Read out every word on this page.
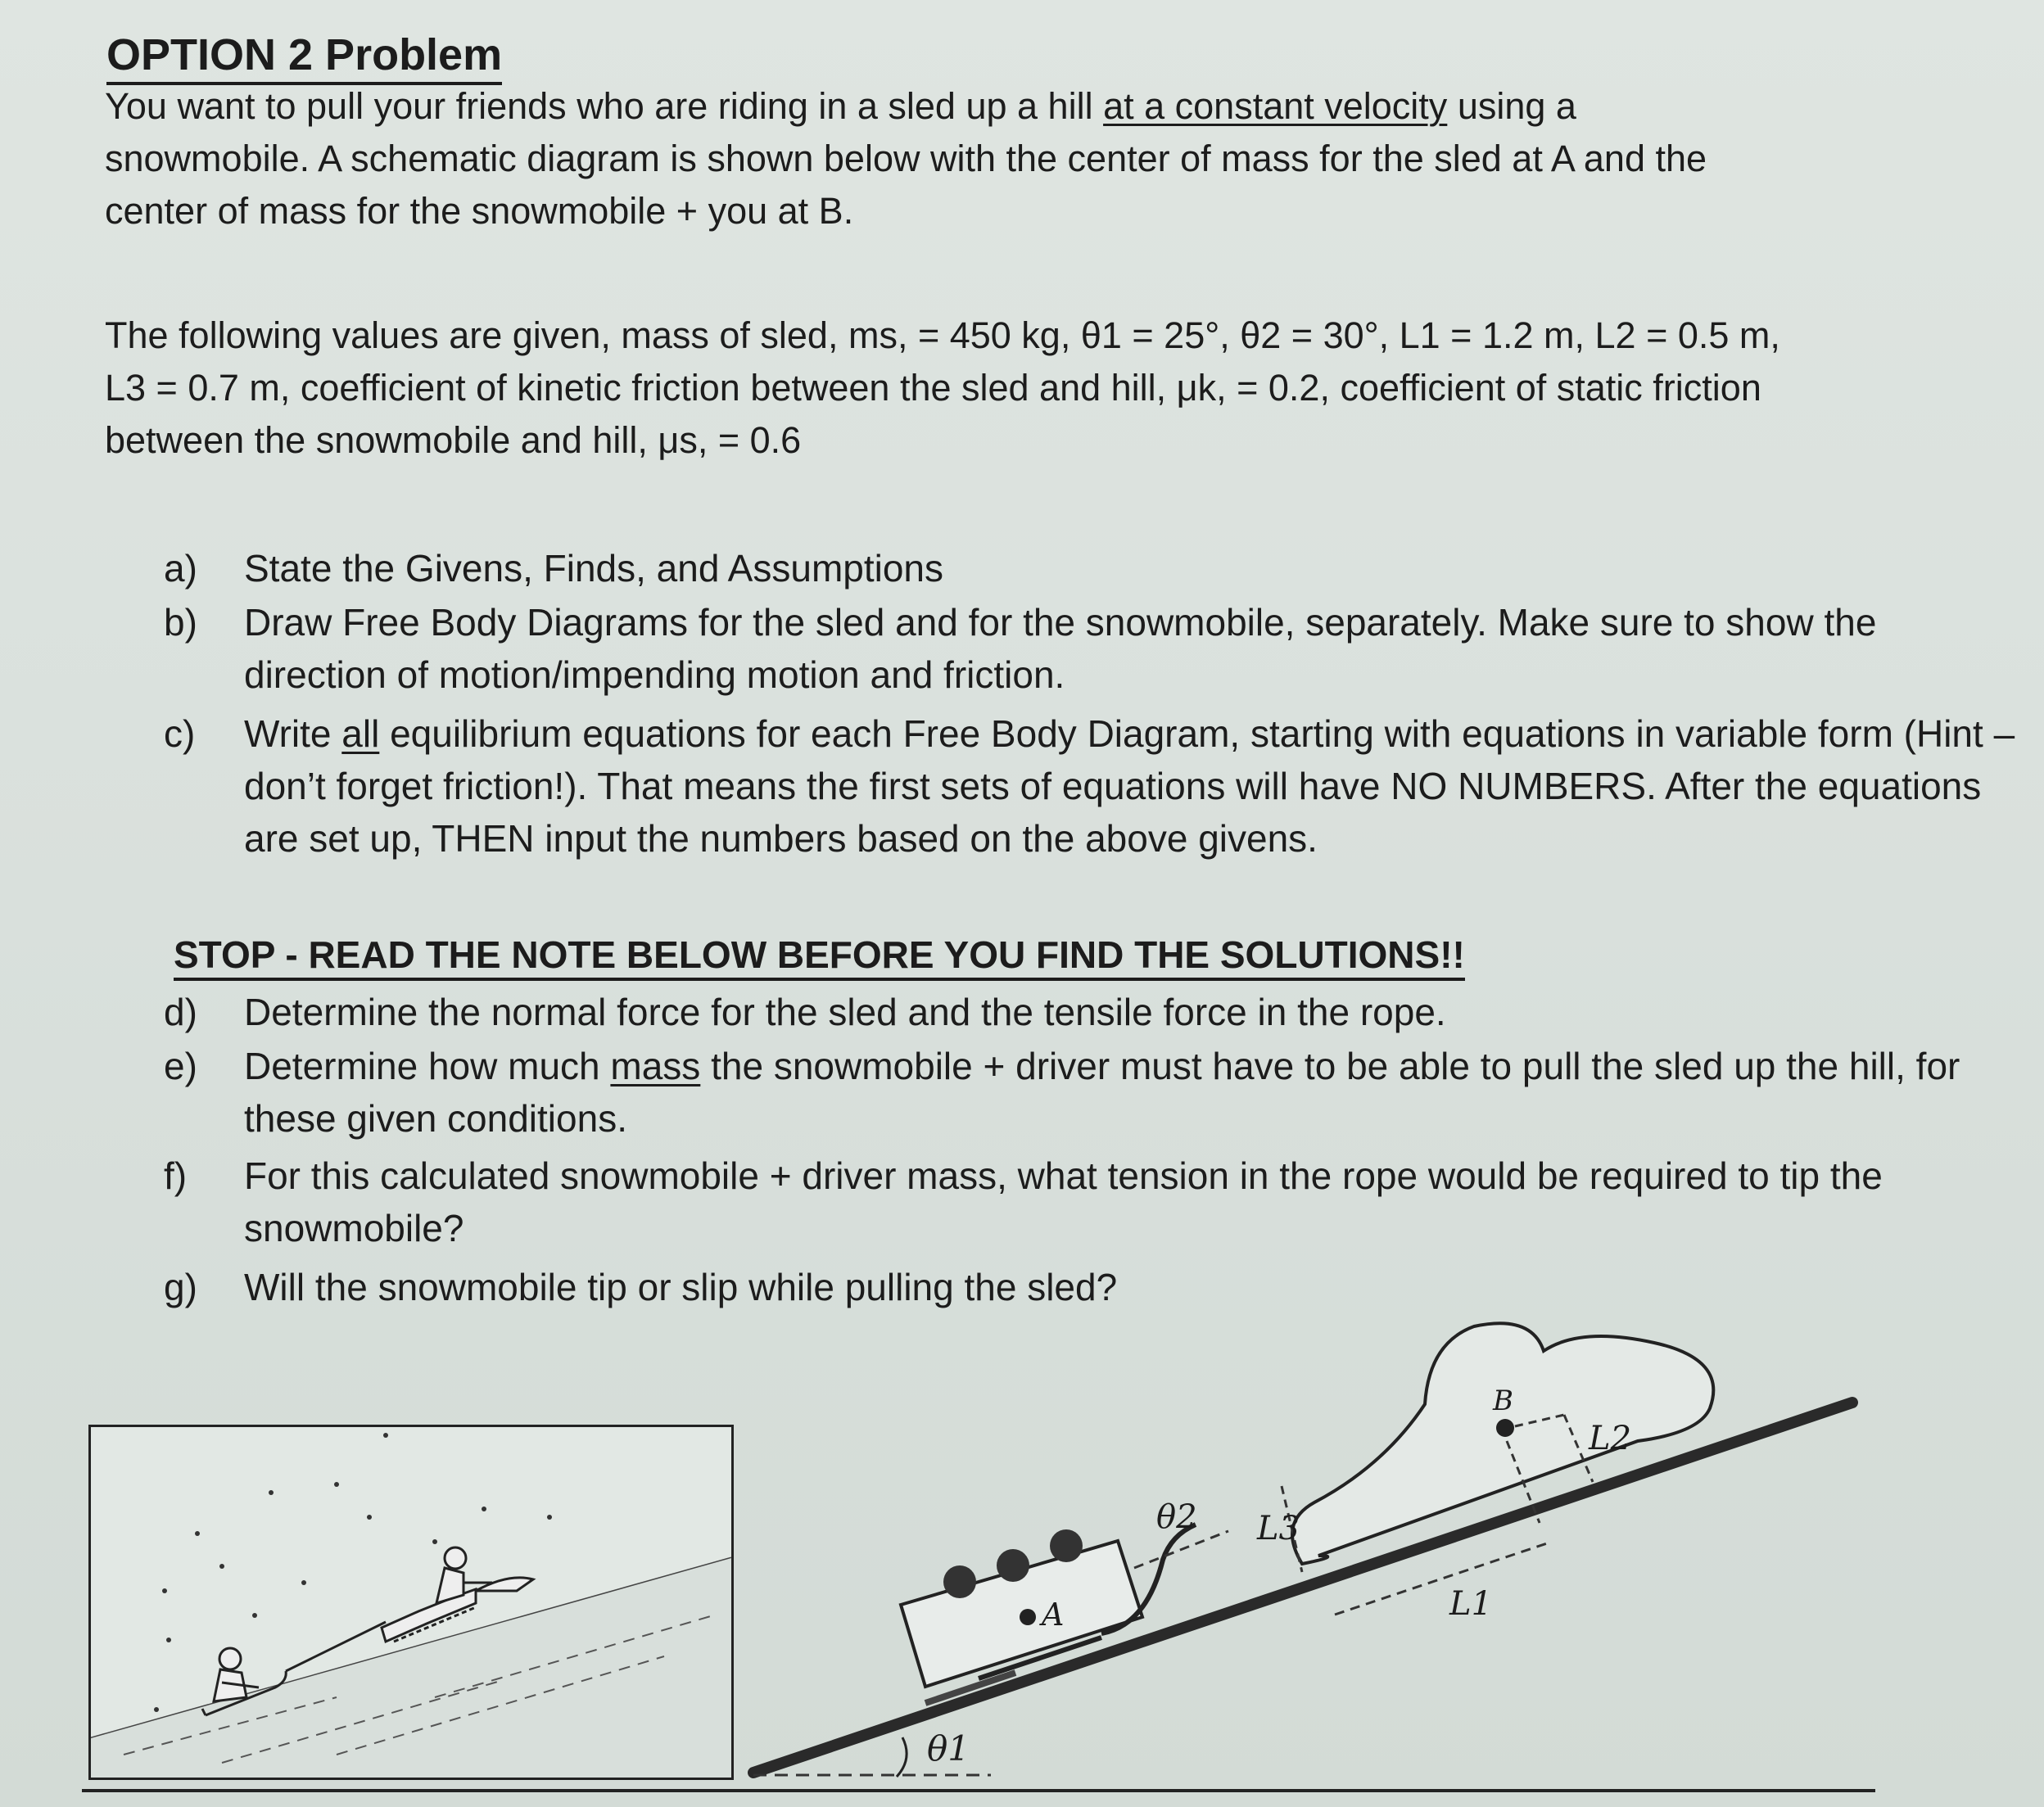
OPTION 2 Problem
You want to pull your friends who are riding in a sled up a hill at a constant velocity using a
snowmobile. A schematic diagram is shown below with the center of mass for the sled at A and the
center of mass for the snowmobile + you at B.
The following values are given, mass of sled, ms, = 450 kg, θ1 = 25°, θ2 = 30°, L1 = 1.2 m, L2 = 0.5 m,
L3 = 0.7 m, coefficient of kinetic friction between the sled and hill, μk, = 0.2, coefficient of static friction
between the snowmobile and hill, μs, = 0.6
a)	State the Givens, Finds, and Assumptions
b)	Draw Free Body Diagrams for the sled and for the snowmobile, separately. Make sure to show the direction of motion/impending motion and friction.
c)	Write all equilibrium equations for each Free Body Diagram, starting with equations in variable form (Hint – don’t forget friction!). That means the first sets of equations will have NO NUMBERS. After the equations are set up, THEN input the numbers based on the above givens.
STOP - READ THE NOTE BELOW BEFORE YOU FIND THE SOLUTIONS!!
d)	Determine the normal force for the sled and the tensile force in the rope.
e)	Determine how much mass the snowmobile + driver must have to be able to pull the sled up the hill, for these given conditions.
f)	For this calculated snowmobile + driver mass, what tension in the rope would be required to tip the snowmobile?
g)	Will the snowmobile tip or slip while pulling the sled?
θ1
A
θ2
B
L2
L1
L3
